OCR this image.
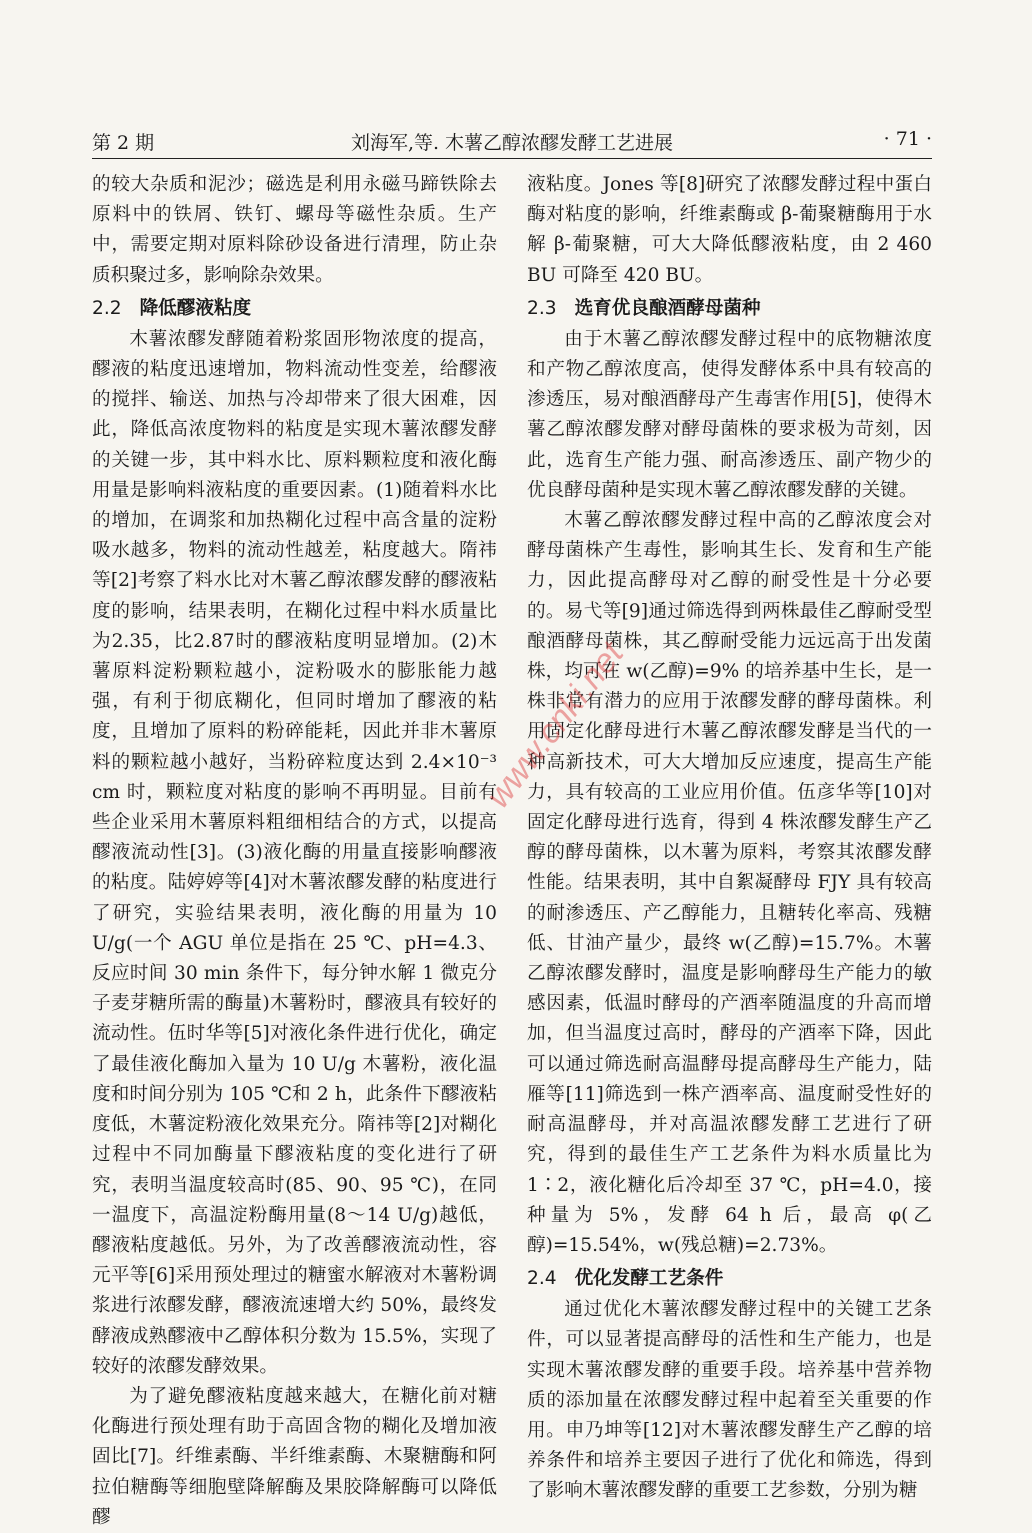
第 2 期	刘海军,等. 木薯乙醇浓醪发酵工艺进展	· 71 ·

的较大杂质和泥沙；磁选是利用永磁马蹄铁除去原料中的铁屑、铁钉、螺母等磁性杂质。生产中，需要定期对原料除砂设备进行清理，防止杂质积聚过多，影响除杂效果。

2.2 降低醪液粘度

木薯浓醪发酵随着粉浆固形物浓度的提高，醪液的粘度迅速增加，物料流动性变差，给醪液的搅拌、输送、加热与冷却带来了很大困难，因此，降低高浓度物料的粘度是实现木薯浓醪发酵的关键一步，其中料水比、原料颗粒度和液化酶用量是影响料液粘度的重要因素。(1)随着料水比的增加，在调浆和加热糊化过程中高含量的淀粉吸水越多，物料的流动性越差，粘度越大。隋祎等[2]考察了料水比对木薯乙醇浓醪发酵的醪液粘度的影响，结果表明，在糊化过程中料水质量比为2.35，比2.87时的醪液粘度明显增加。(2)木薯原料淀粉颗粒越小，淀粉吸水的膨胀能力越强，有利于彻底糊化，但同时增加了醪液的粘度，且增加了原料的粉碎能耗，因此并非木薯原料的颗粒越小越好，当粉碎粒度达到 2.4×10⁻³ cm 时，颗粒度对粘度的影响不再明显。目前有些企业采用木薯原料粗细相结合的方式，以提高醪液流动性[3]。(3)液化酶的用量直接影响醪液的粘度。陆婷婷等[4]对木薯浓醪发酵的粘度进行了研究，实验结果表明，液化酶的用量为 10 U/g(一个 AGU 单位是指在 25 ℃、pH=4.3、反应时间 30 min 条件下，每分钟水解 1 微克分子麦芽糖所需的酶量)木薯粉时，醪液具有较好的流动性。伍时华等[5]对液化条件进行优化，确定了最佳液化酶加入量为 10 U/g 木薯粉，液化温度和时间分别为 105 ℃和 2 h，此条件下醪液粘度低，木薯淀粉液化效果充分。隋祎等[2]对糊化过程中不同加酶量下醪液粘度的变化进行了研究，表明当温度较高时(85、90、95 ℃)，在同一温度下，高温淀粉酶用量(8～14 U/g)越低，醪液粘度越低。另外，为了改善醪液流动性，容元平等[6]采用预处理过的糖蜜水解液对木薯粉调浆进行浓醪发酵，醪液流速增大约 50%，最终发酵液成熟醪液中乙醇体积分数为 15.5%，实现了较好的浓醪发酵效果。

为了避免醪液粘度越来越大，在糖化前对糖化酶进行预处理有助于高固含物的糊化及增加液固比[7]。纤维素酶、半纤维素酶、木聚糖酶和阿拉伯糖酶等细胞壁降解酶及果胶降解酶可以降低醪

液粘度。Jones 等[8]研究了浓醪发酵过程中蛋白酶对粘度的影响，纤维素酶或 β-葡聚糖酶用于水解 β-葡聚糖，可大大降低醪液粘度，由 2 460 BU 可降至 420 BU。

2.3 选育优良酿酒酵母菌种

由于木薯乙醇浓醪发酵过程中的底物糖浓度和产物乙醇浓度高，使得发酵体系中具有较高的渗透压，易对酿酒酵母产生毒害作用[5]，使得木薯乙醇浓醪发酵对酵母菌株的要求极为苛刻，因此，选育生产能力强、耐高渗透压、副产物少的优良酵母菌种是实现木薯乙醇浓醪发酵的关键。

木薯乙醇浓醪发酵过程中高的乙醇浓度会对酵母菌株产生毒性，影响其生长、发育和生产能力，因此提高酵母对乙醇的耐受性是十分必要的。易弋等[9]通过筛选得到两株最佳乙醇耐受型酿酒酵母菌株，其乙醇耐受能力远远高于出发菌株，均可在 w(乙醇)=9% 的培养基中生长，是一株非常有潜力的应用于浓醪发酵的酵母菌株。利用固定化酵母进行木薯乙醇浓醪发酵是当代的一种高新技术，可大大增加反应速度，提高生产能力，具有较高的工业应用价值。伍彦华等[10]对固定化酵母进行选育，得到 4 株浓醪发酵生产乙醇的酵母菌株，以木薯为原料，考察其浓醪发酵性能。结果表明，其中自絮凝酵母 FJY 具有较高的耐渗透压、产乙醇能力，且糖转化率高、残糖低、甘油产量少，最终 w(乙醇)=15.7%。木薯乙醇浓醪发酵时，温度是影响酵母生产能力的敏感因素，低温时酵母的产酒率随温度的升高而增加，但当温度过高时，酵母的产酒率下降，因此可以通过筛选耐高温酵母提高酵母生产能力，陆雁等[11]筛选到一株产酒率高、温度耐受性好的耐高温酵母，并对高温浓醪发酵工艺进行了研究，得到的最佳生产工艺条件为料水质量比为 1∶2，液化糖化后冷却至 37 ℃，pH=4.0，接种量为 5%，发酵 64 h 后，最高 φ(乙醇)=15.54%，w(残总糖)=2.73%。

2.4 优化发酵工艺条件

通过优化木薯浓醪发酵过程中的关键工艺条件，可以显著提高酵母的活性和生产能力，也是实现木薯浓醪发酵的重要手段。培养基中营养物质的添加量在浓醪发酵过程中起着至关重要的作用。申乃坤等[12]对木薯浓醪发酵生产乙醇的培养条件和培养主要因子进行了优化和筛选，得到了影响木薯浓醪发酵的重要工艺参数，分别为糖

www.cnki.net
